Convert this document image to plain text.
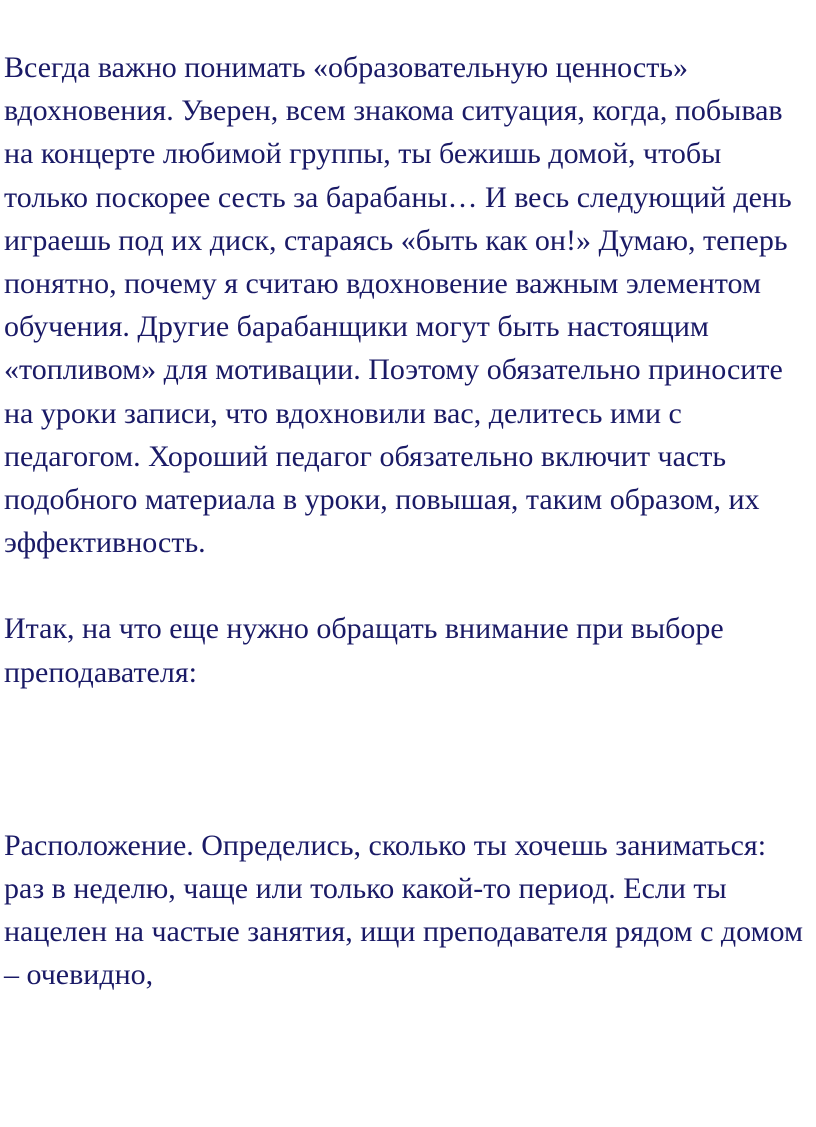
Всегда важно понимать «образовательную ценность» вдохновения. Уверен, всем знакома ситуация, когда, побывав на концерте любимой группы, ты бежишь домой, чтобы только поскорее сесть за барабаны… И весь следующий день играешь под их диск, стараясь «быть как он!» Думаю, теперь понятно, почему я считаю вдохновение важным элементом обучения. Другие барабанщики могут быть настоящим «топливом» для мотивации. Поэтому обязательно приносите на уроки записи, что вдохновили вас, делитесь ими с педагогом. Хороший педагог обязательно включит часть подобного материала в уроки, повышая, таким образом, их эффективность.

Итак, на что еще нужно обращать внимание при выборе преподавателя:

Расположение. Определись, сколько ты хочешь заниматься: раз в неделю, чаще или только какой-то период. Если ты нацелен на частые занятия, ищи преподавателя рядом с домом – очевидно,
